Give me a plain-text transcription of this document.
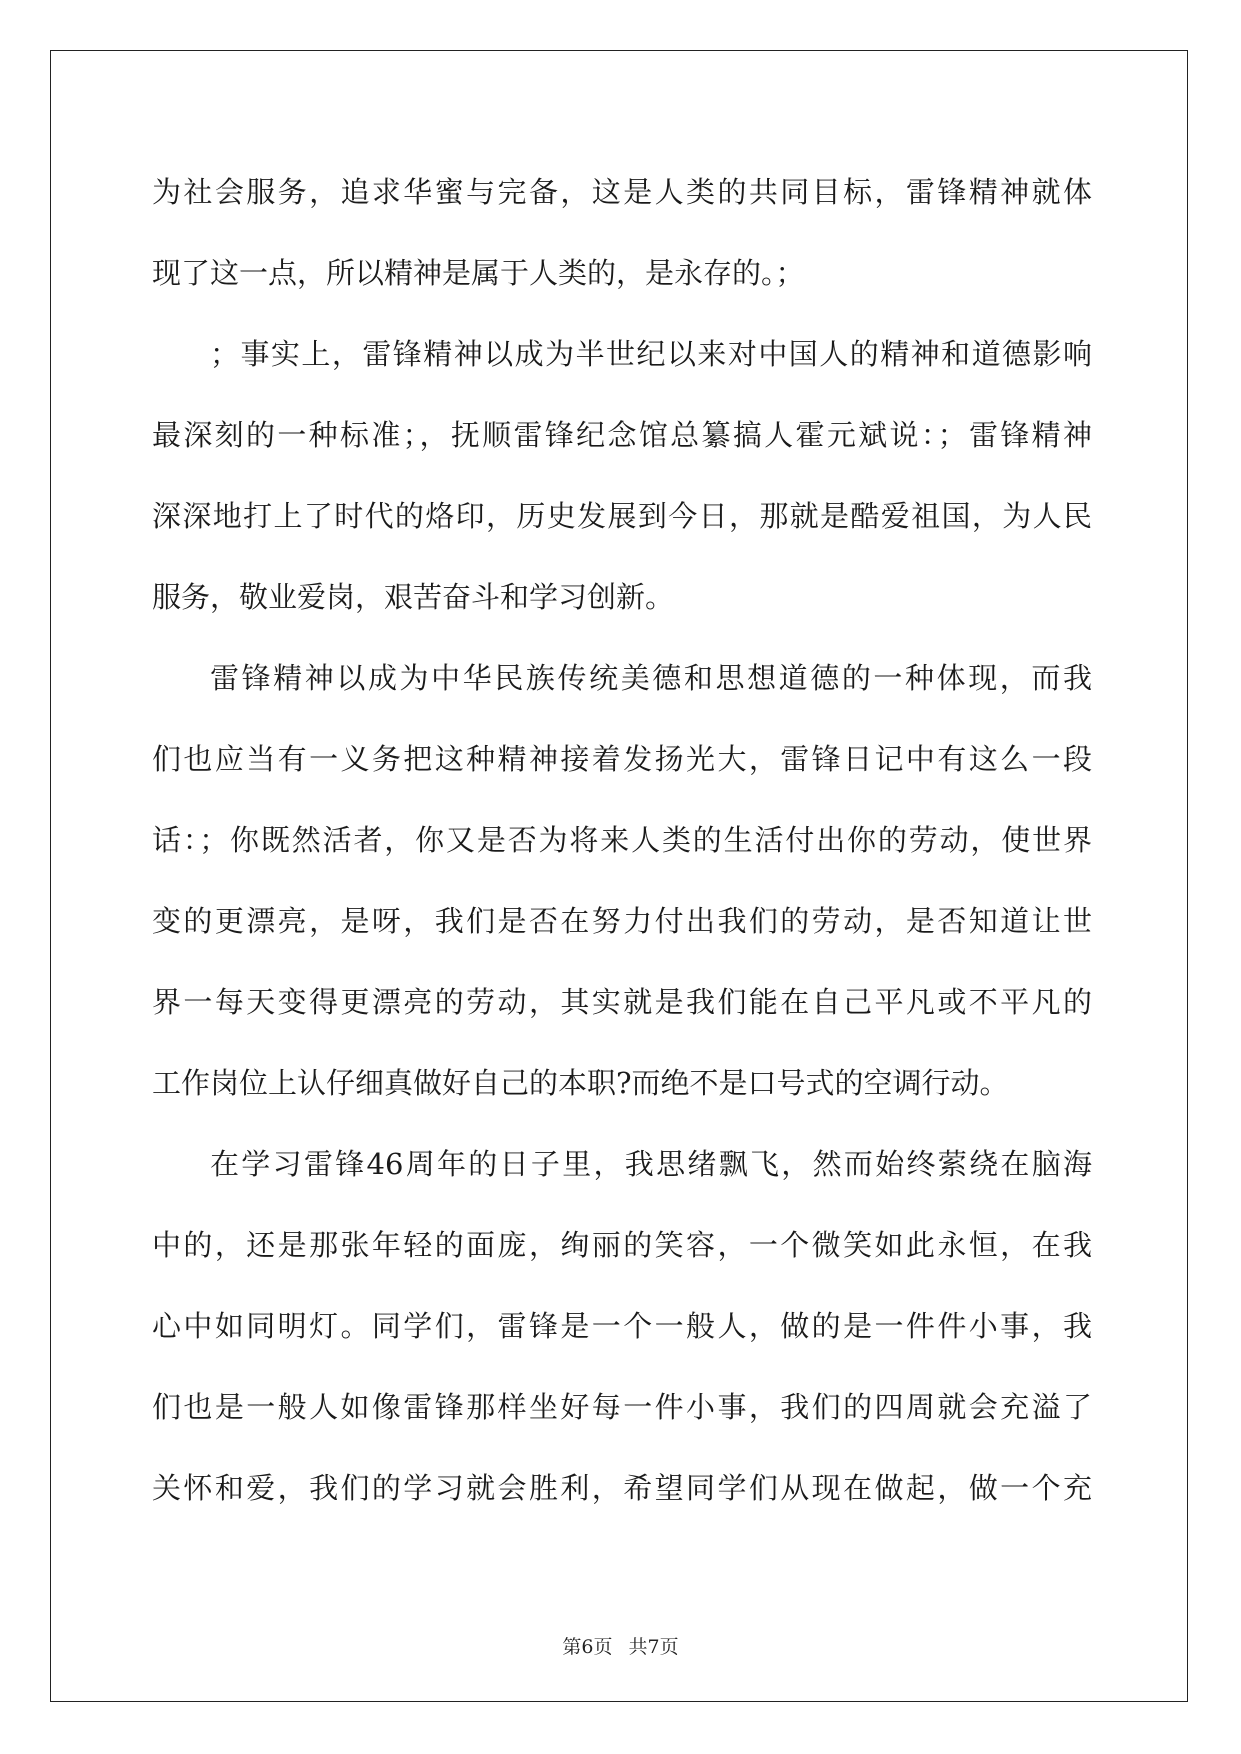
为社会服务，追求华蜜与完备，这是人类的共同目标，雷锋精神就体
现了这一点，所以精神是属于人类的，是永存的。；
；事实上，雷锋精神以成为半世纪以来对中国人的精神和道德影响
最深刻的一种标准；，抚顺雷锋纪念馆总纂搞人霍元斌说：；雷锋精神
深深地打上了时代的烙印，历史发展到今日，那就是酷爱祖国，为人民
服务，敬业爱岗，艰苦奋斗和学习创新。
雷锋精神以成为中华民族传统美德和思想道德的一种体现，而我
们也应当有一义务把这种精神接着发扬光大，雷锋日记中有这么一段
话：；你既然活者，你又是否为将来人类的生活付出你的劳动，使世界
变的更漂亮，是呀，我们是否在努力付出我们的劳动，是否知道让世
界一每天变得更漂亮的劳动，其实就是我们能在自己平凡或不平凡的
工作岗位上认仔细真做好自己的本职?而绝不是口号式的空调行动。
在学习雷锋46周年的日子里，我思绪飘飞，然而始终萦绕在脑海
中的，还是那张年轻的面庞，绚丽的笑容，一个微笑如此永恒，在我
心中如同明灯。同学们，雷锋是一个一般人，做的是一件件小事，我
们也是一般人如像雷锋那样坐好每一件小事，我们的四周就会充溢了
关怀和爱，我们的学习就会胜利，希望同学们从现在做起，做一个充
第6页 共7页
